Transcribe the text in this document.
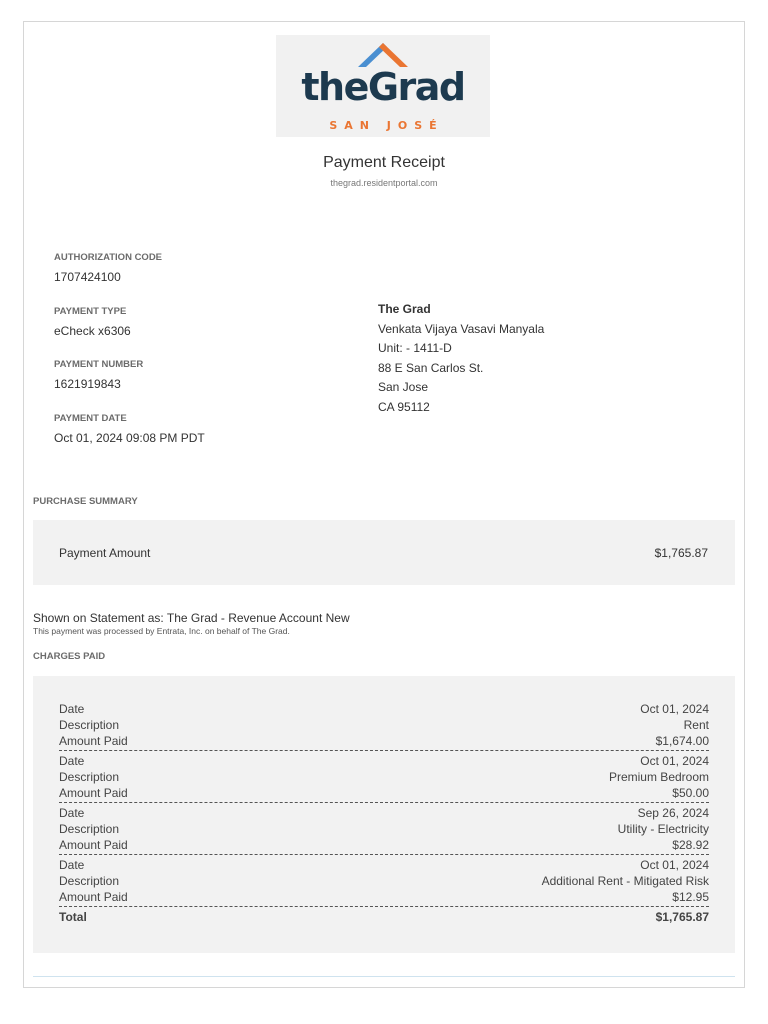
theGrad
SAN JOSÉ
Payment Receipt
thegrad.residentportal.com
AUTHORIZATION CODE
1707424100
PAYMENT TYPE
eCheck x6306
PAYMENT NUMBER
1621919843
PAYMENT DATE
Oct 01, 2024 09:08 PM PDT
The Grad
Venkata Vijaya Vasavi Manyala
Unit: - 1411-D
88 E San Carlos St.
San Jose
CA 95112
PURCHASE SUMMARY
Payment Amount	$1,765.87
Shown on Statement as: The Grad - Revenue Account New
This payment was processed by Entrata, Inc. on behalf of The Grad.
CHARGES PAID
Date	Oct 01, 2024
Description	Rent
Amount Paid	$1,674.00
Date	Oct 01, 2024
Description	Premium Bedroom
Amount Paid	$50.00
Date	Sep 26, 2024
Description	Utility - Electricity
Amount Paid	$28.92
Date	Oct 01, 2024
Description	Additional Rent - Mitigated Risk
Amount Paid	$12.95
Total	$1,765.87
